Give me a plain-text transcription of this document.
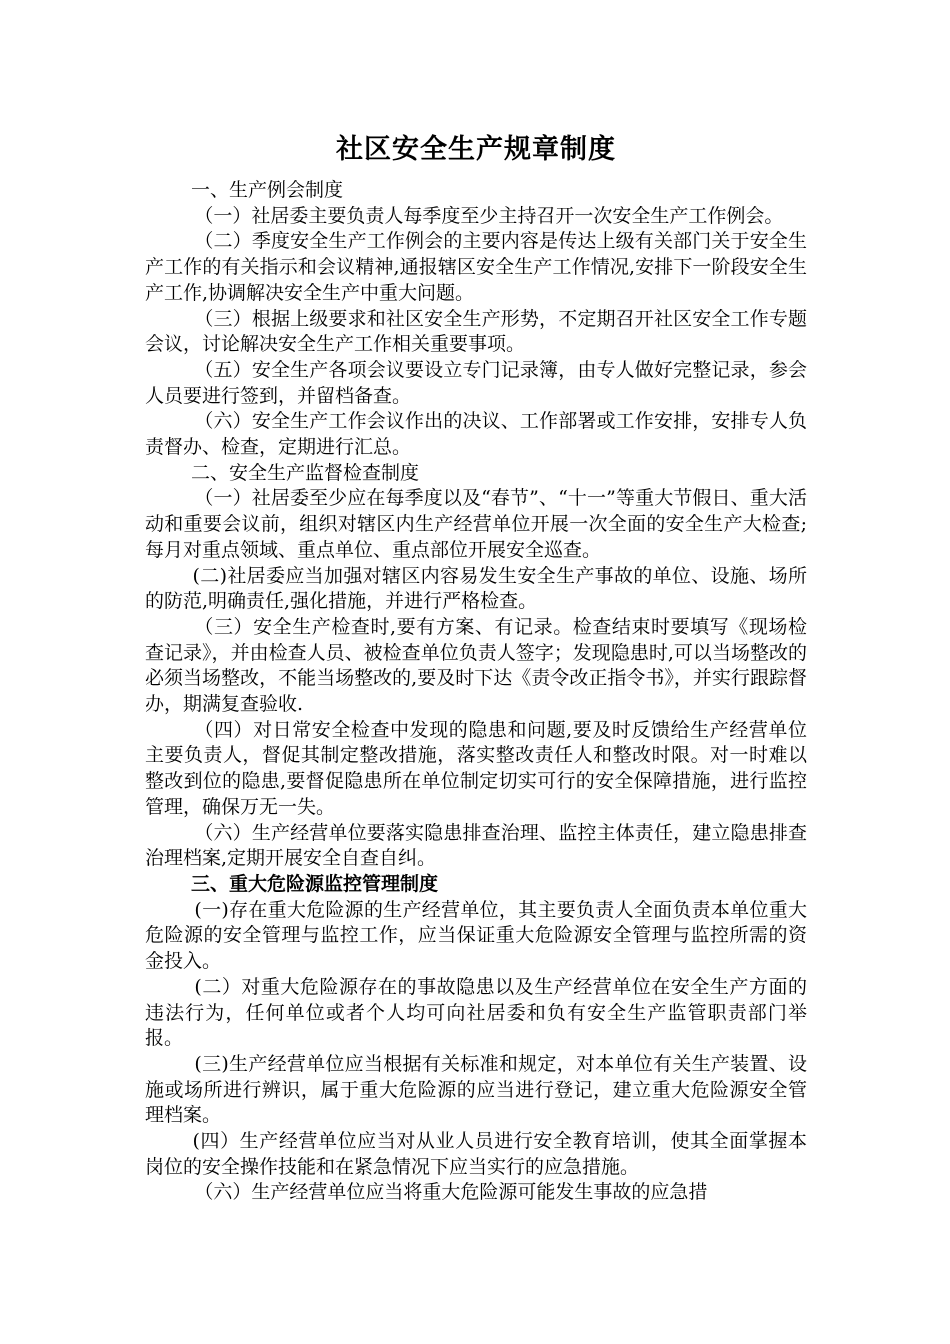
社区安全生产规章制度

一、生产例会制度

（一）社居委主要负责人每季度至少主持召开一次安全生产工作例会。

（二）季度安全生产工作例会的主要内容是传达上级有关部门关于安全生产工作的有关指示和会议精神,通报辖区安全生产工作情况,安排下一阶段安全生产工作,协调解决安全生产中重大问题。

（三）根据上级要求和社区安全生产形势，不定期召开社区安全工作专题会议，讨论解决安全生产工作相关重要事项。

（五）安全生产各项会议要设立专门记录簿，由专人做好完整记录，参会人员要进行签到，并留档备查。

（六）安全生产工作会议作出的决议、工作部署或工作安排，安排专人负责督办、检查，定期进行汇总。

二、安全生产监督检查制度

（一）社居委至少应在每季度以及“春节”、“十一”等重大节假日、重大活动和重要会议前，组织对辖区内生产经营单位开展一次全面的安全生产大检查;每月对重点领域、重点单位、重点部位开展安全巡查。

(二)社居委应当加强对辖区内容易发生安全生产事故的单位、设施、场所的防范,明确责任,强化措施，并进行严格检查。

（三）安全生产检查时,要有方案、有记录。检查结束时要填写《现场检查记录》，并由检查人员、被检查单位负责人签字；发现隐患时,可以当场整改的必须当场整改，不能当场整改的,要及时下达《责令改正指令书》，并实行跟踪督办，期满复查验收.

（四）对日常安全检查中发现的隐患和问题,要及时反馈给生产经营单位主要负责人，督促其制定整改措施，落实整改责任人和整改时限。对一时难以整改到位的隐患,要督促隐患所在单位制定切实可行的安全保障措施，进行监控管理，确保万无一失。

（六）生产经营单位要落实隐患排查治理、监控主体责任，建立隐患排查治理档案,定期开展安全自查自纠。

三、重大危险源监控管理制度

(一)存在重大危险源的生产经营单位，其主要负责人全面负责本单位重大危险源的安全管理与监控工作，应当保证重大危险源安全管理与监控所需的资金投入。

(二）对重大危险源存在的事故隐患以及生产经营单位在安全生产方面的违法行为，任何单位或者个人均可向社居委和负有安全生产监管职责部门举报。

(三)生产经营单位应当根据有关标准和规定，对本单位有关生产装置、设施或场所进行辨识，属于重大危险源的应当进行登记，建立重大危险源安全管理档案。

(四）生产经营单位应当对从业人员进行安全教育培训，使其全面掌握本岗位的安全操作技能和在紧急情况下应当实行的应急措施。

（六）生产经营单位应当将重大危险源可能发生事故的应急措
